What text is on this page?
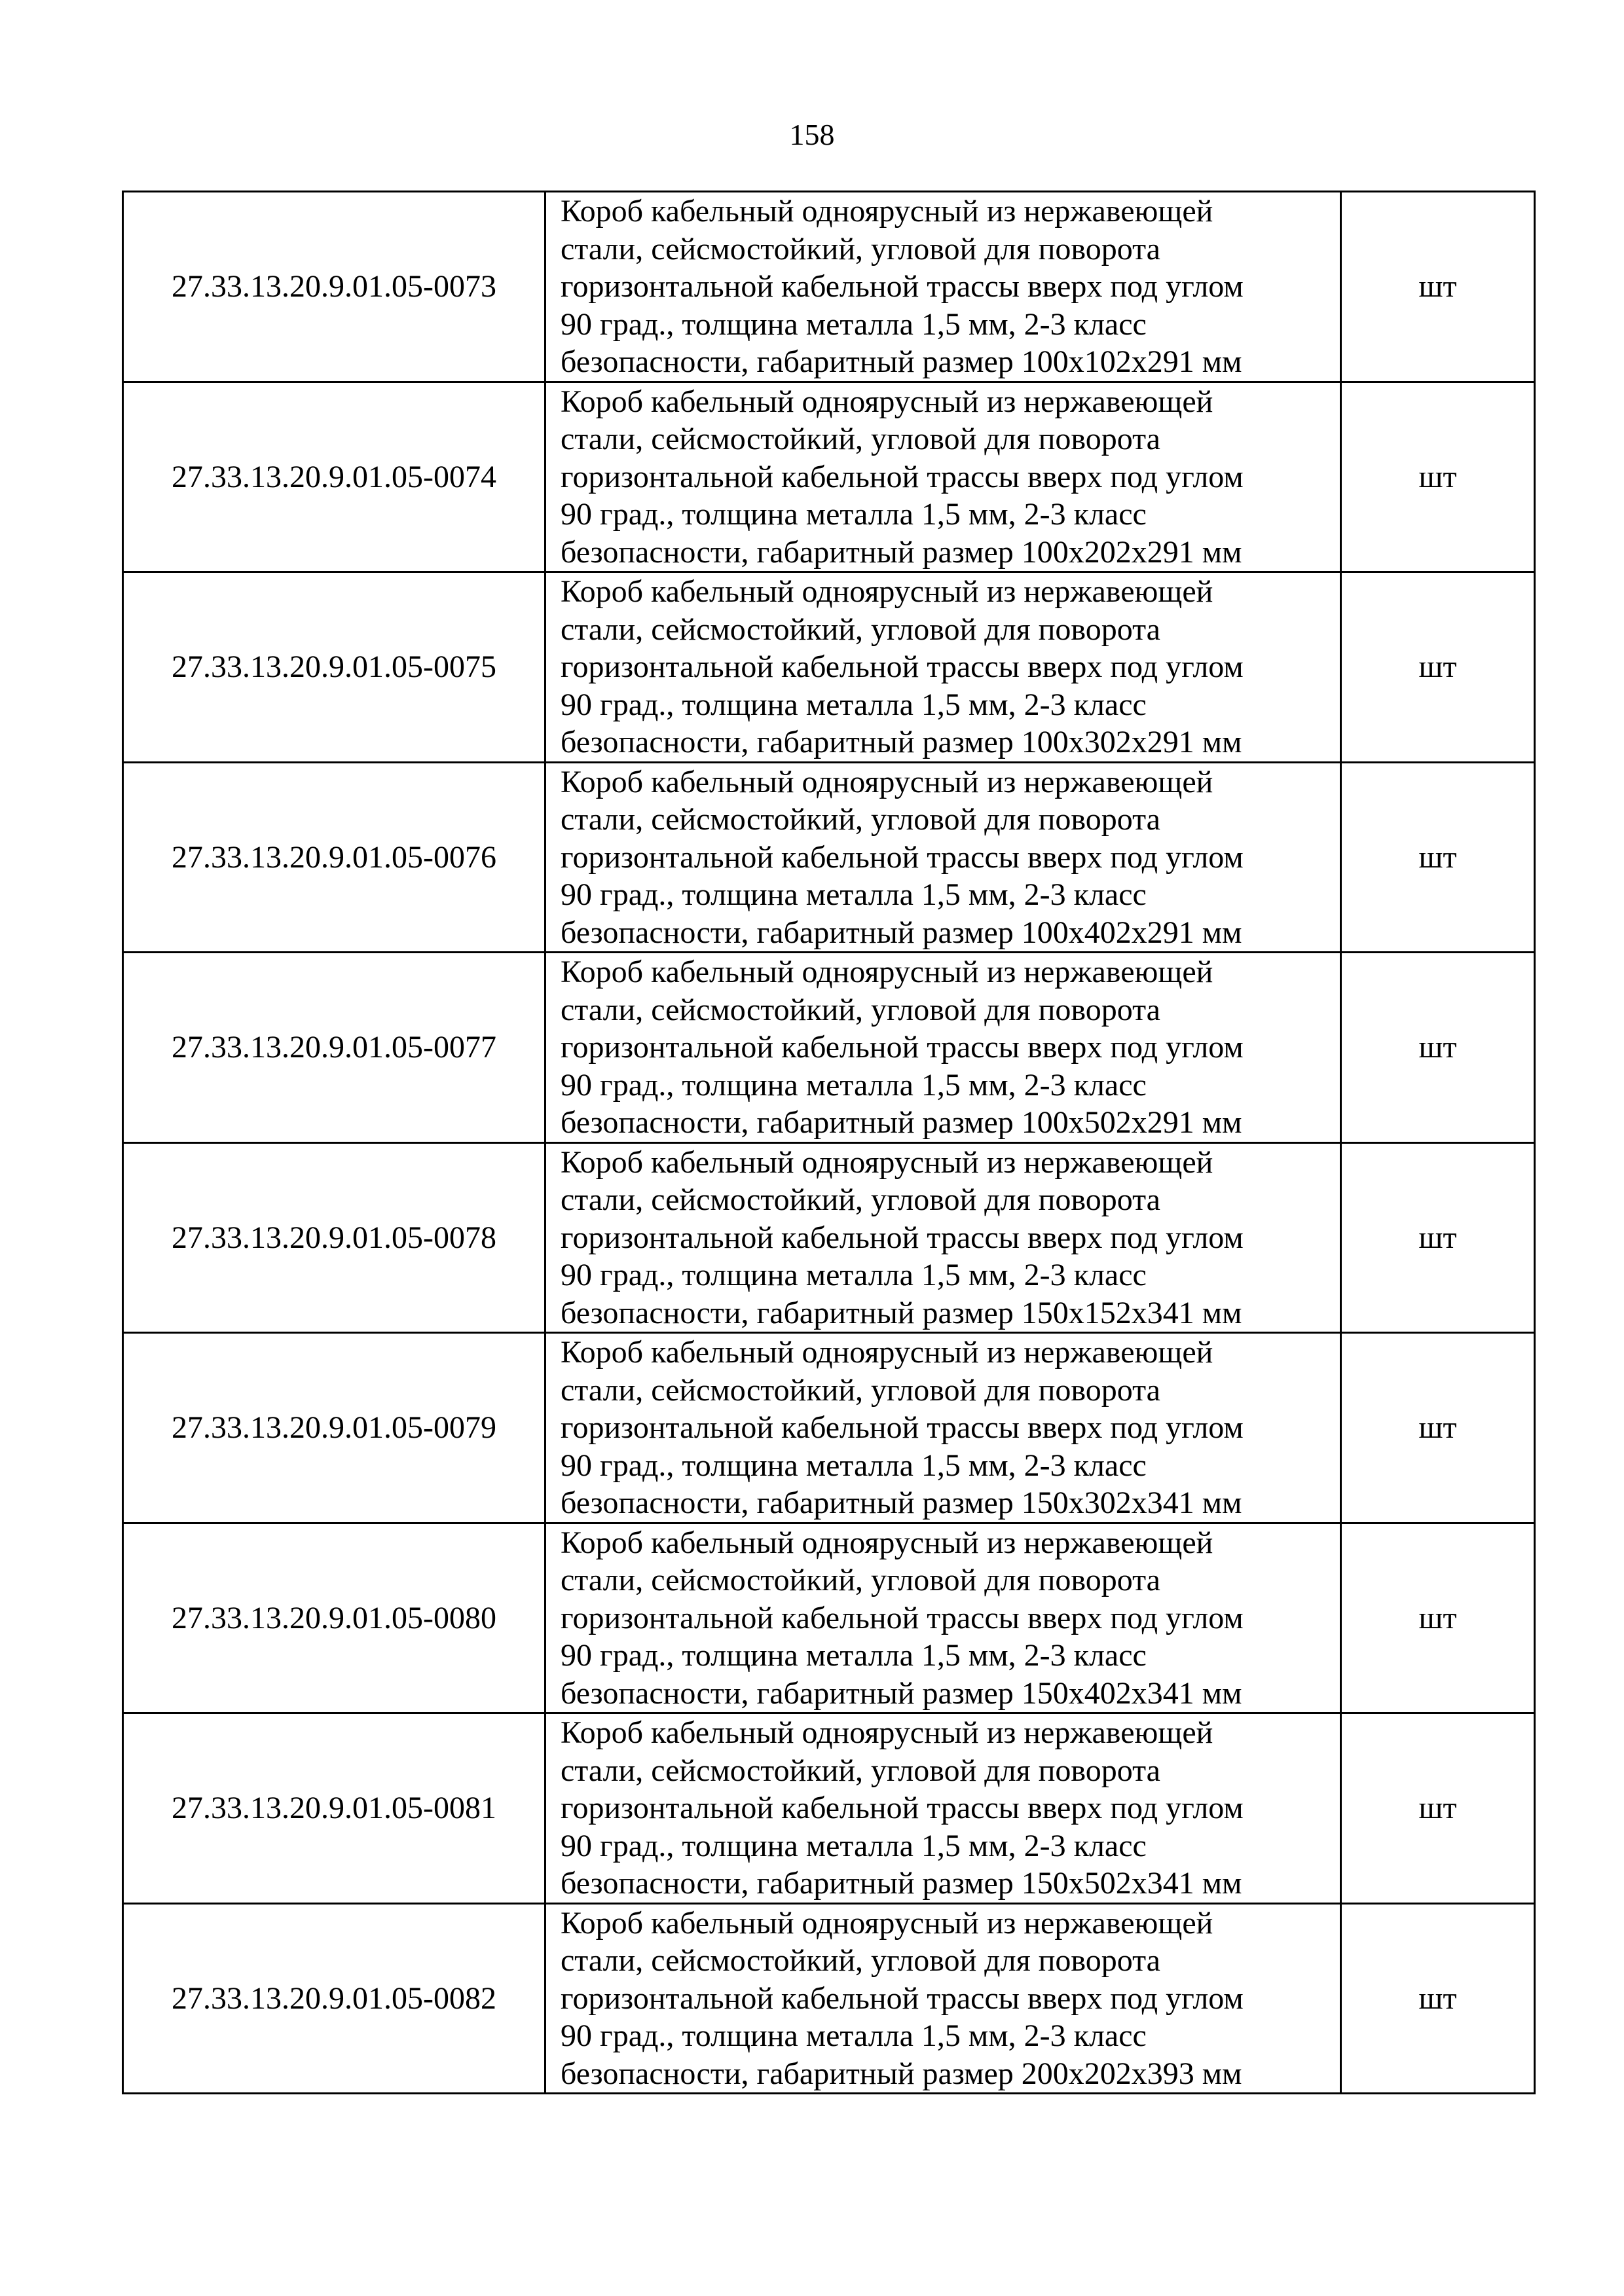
158
27.33.13.20.9.01.05-0073	Короб кабельный одноярусный из нержавеющей
стали, сейсмостойкий, угловой для поворота
горизонтальной кабельной трассы вверх под углом
90 град., толщина металла 1,5 мм, 2-3 класс
безопасности, габаритный размер 100х102х291 мм	шт
27.33.13.20.9.01.05-0074	Короб кабельный одноярусный из нержавеющей
стали, сейсмостойкий, угловой для поворота
горизонтальной кабельной трассы вверх под углом
90 град., толщина металла 1,5 мм, 2-3 класс
безопасности, габаритный размер 100х202х291 мм	шт
27.33.13.20.9.01.05-0075	Короб кабельный одноярусный из нержавеющей
стали, сейсмостойкий, угловой для поворота
горизонтальной кабельной трассы вверх под углом
90 град., толщина металла 1,5 мм, 2-3 класс
безопасности, габаритный размер 100х302х291 мм	шт
27.33.13.20.9.01.05-0076	Короб кабельный одноярусный из нержавеющей
стали, сейсмостойкий, угловой для поворота
горизонтальной кабельной трассы вверх под углом
90 град., толщина металла 1,5 мм, 2-3 класс
безопасности, габаритный размер 100х402х291 мм	шт
27.33.13.20.9.01.05-0077	Короб кабельный одноярусный из нержавеющей
стали, сейсмостойкий, угловой для поворота
горизонтальной кабельной трассы вверх под углом
90 град., толщина металла 1,5 мм, 2-3 класс
безопасности, габаритный размер 100х502х291 мм	шт
27.33.13.20.9.01.05-0078	Короб кабельный одноярусный из нержавеющей
стали, сейсмостойкий, угловой для поворота
горизонтальной кабельной трассы вверх под углом
90 град., толщина металла 1,5 мм, 2-3 класс
безопасности, габаритный размер 150х152х341 мм	шт
27.33.13.20.9.01.05-0079	Короб кабельный одноярусный из нержавеющей
стали, сейсмостойкий, угловой для поворота
горизонтальной кабельной трассы вверх под углом
90 град., толщина металла 1,5 мм, 2-3 класс
безопасности, габаритный размер 150х302х341 мм	шт
27.33.13.20.9.01.05-0080	Короб кабельный одноярусный из нержавеющей
стали, сейсмостойкий, угловой для поворота
горизонтальной кабельной трассы вверх под углом
90 град., толщина металла 1,5 мм, 2-3 класс
безопасности, габаритный размер 150х402х341 мм	шт
27.33.13.20.9.01.05-0081	Короб кабельный одноярусный из нержавеющей
стали, сейсмостойкий, угловой для поворота
горизонтальной кабельной трассы вверх под углом
90 град., толщина металла 1,5 мм, 2-3 класс
безопасности, габаритный размер 150х502х341 мм	шт
27.33.13.20.9.01.05-0082	Короб кабельный одноярусный из нержавеющей
стали, сейсмостойкий, угловой для поворота
горизонтальной кабельной трассы вверх под углом
90 град., толщина металла 1,5 мм, 2-3 класс
безопасности, габаритный размер 200х202х393 мм	шт
